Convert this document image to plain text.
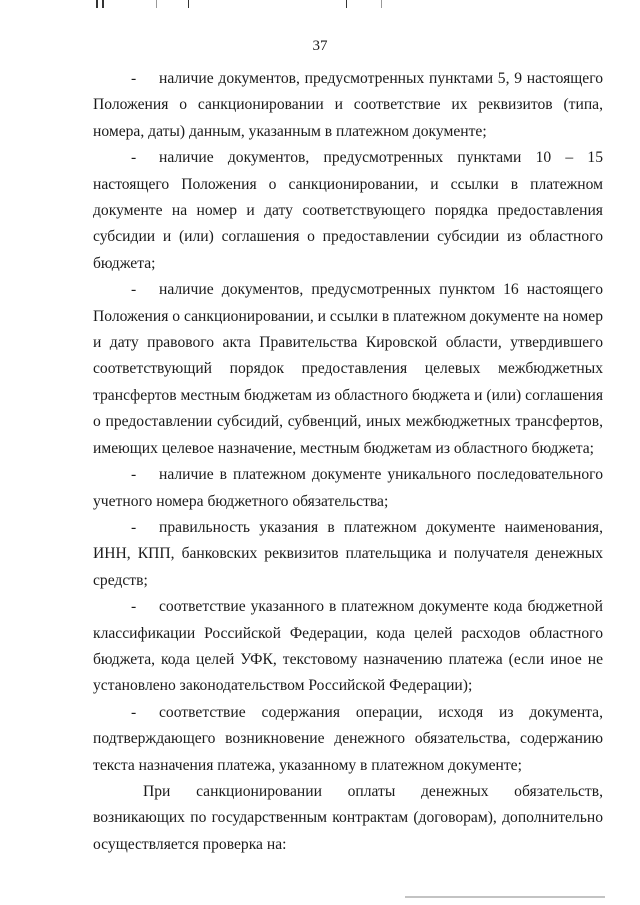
37

- наличие документов, предусмотренных пунктами 5, 9 настоящего Положения о санкционировании и соответствие их реквизитов (типа, номера, даты) данным, указанным в платежном документе;

- наличие документов, предусмотренных пунктами 10 – 15 настоящего Положения о санкционировании, и ссылки в платежном документе на номер и дату соответствующего порядка предоставления субсидии и (или) соглашения о предоставлении субсидии из областного бюджета;

- наличие документов, предусмотренных пунктом 16 настоящего Положения о санкционировании, и ссылки в платежном документе на номер и дату правового акта Правительства Кировской области, утвердившего соответствующий порядок предоставления целевых межбюджетных трансфертов местным бюджетам из областного бюджета и (или) соглашения о предоставлении субсидий, субвенций, иных межбюджетных трансфертов, имеющих целевое назначение, местным бюджетам из областного бюджета;

- наличие в платежном документе уникального последовательного учетного номера бюджетного обязательства;

- правильность указания в платежном документе наименования, ИНН, КПП, банковских реквизитов плательщика и получателя денежных средств;

- соответствие указанного в платежном документе кода бюджетной классификации Российской Федерации, кода целей расходов областного бюджета, кода целей УФК, текстовому назначению платежа (если иное не установлено законодательством Российской Федерации);

- соответствие содержания операции, исходя из документа, подтверждающего возникновение денежного обязательства, содержанию текста назначения платежа, указанному в платежном документе;

При санкционировании оплаты денежных обязательств, возникающих по государственным контрактам (договорам), дополнительно осуществляется проверка на:
